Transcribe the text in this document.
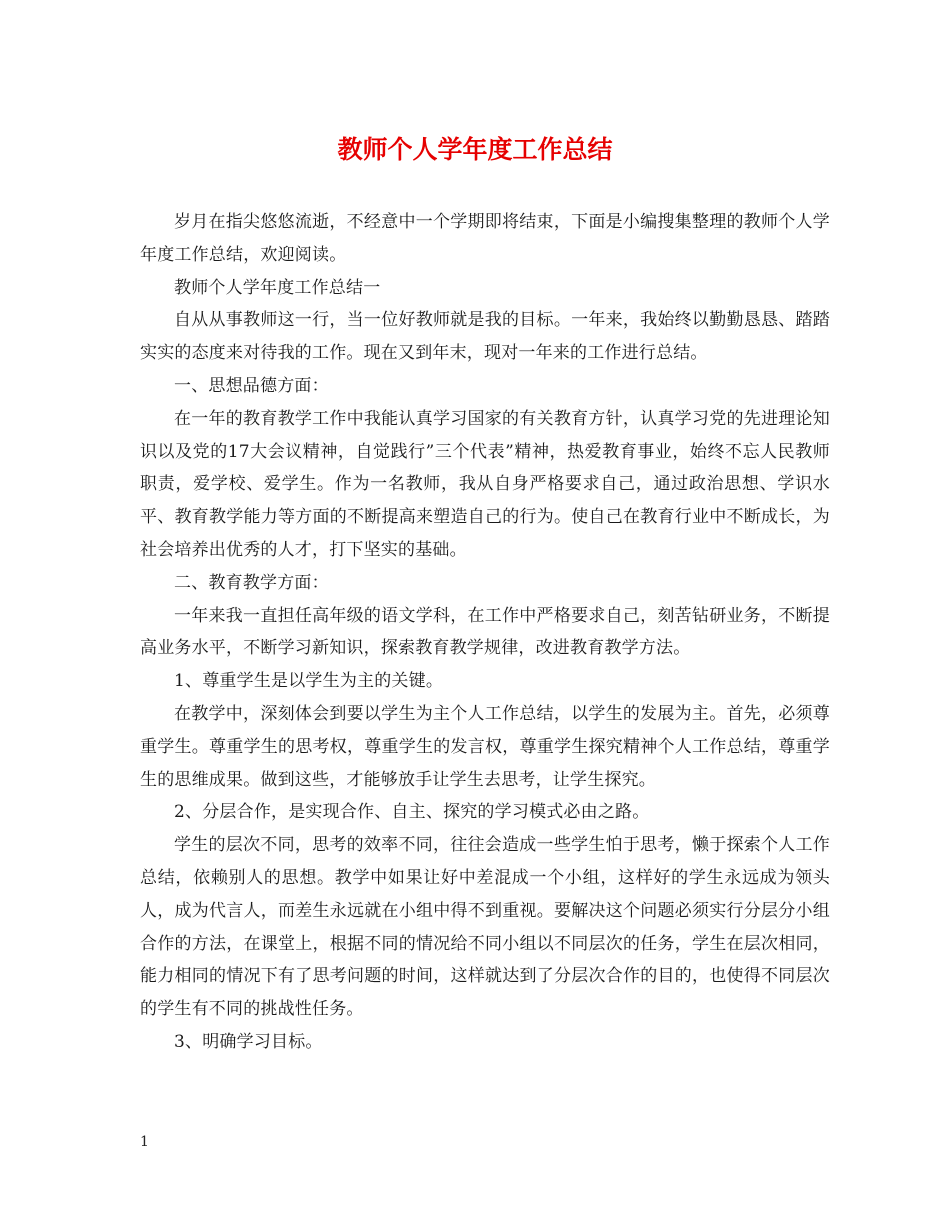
教师个人学年度工作总结

岁月在指尖悠悠流逝，不经意中一个学期即将结束，下面是小编搜集整理的教师个人学年度工作总结，欢迎阅读。

教师个人学年度工作总结一

自从从事教师这一行，当一位好教师就是我的目标。一年来，我始终以勤勤恳恳、踏踏实实的态度来对待我的工作。现在又到年末，现对一年来的工作进行总结。

一、思想品德方面：

在一年的教育教学工作中我能认真学习国家的有关教育方针，认真学习党的先进理论知识以及党的17大会议精神，自觉践行”三个代表”精神，热爱教育事业，始终不忘人民教师职责，爱学校、爱学生。作为一名教师，我从自身严格要求自己，通过政治思想、学识水平、教育教学能力等方面的不断提高来塑造自己的行为。使自己在教育行业中不断成长，为社会培养出优秀的人才，打下坚实的基础。

二、教育教学方面：

一年来我一直担任高年级的语文学科，在工作中严格要求自己，刻苦钻研业务，不断提高业务水平，不断学习新知识，探索教育教学规律，改进教育教学方法。

1、尊重学生是以学生为主的关键。

在教学中，深刻体会到要以学生为主个人工作总结，以学生的发展为主。首先，必须尊重学生。尊重学生的思考权，尊重学生的发言权，尊重学生探究精神个人工作总结，尊重学生的思维成果。做到这些，才能够放手让学生去思考，让学生探究。

2、分层合作，是实现合作、自主、探究的学习模式必由之路。

学生的层次不同，思考的效率不同，往往会造成一些学生怕于思考，懒于探索个人工作总结，依赖别人的思想。教学中如果让好中差混成一个小组，这样好的学生永远成为领头人，成为代言人，而差生永远就在小组中得不到重视。要解决这个问题必须实行分层分小组合作的方法，在课堂上，根据不同的情况给不同小组以不同层次的任务，学生在层次相同，能力相同的情况下有了思考问题的时间，这样就达到了分层次合作的目的，也使得不同层次的学生有不同的挑战性任务。

3、明确学习目标。

1
